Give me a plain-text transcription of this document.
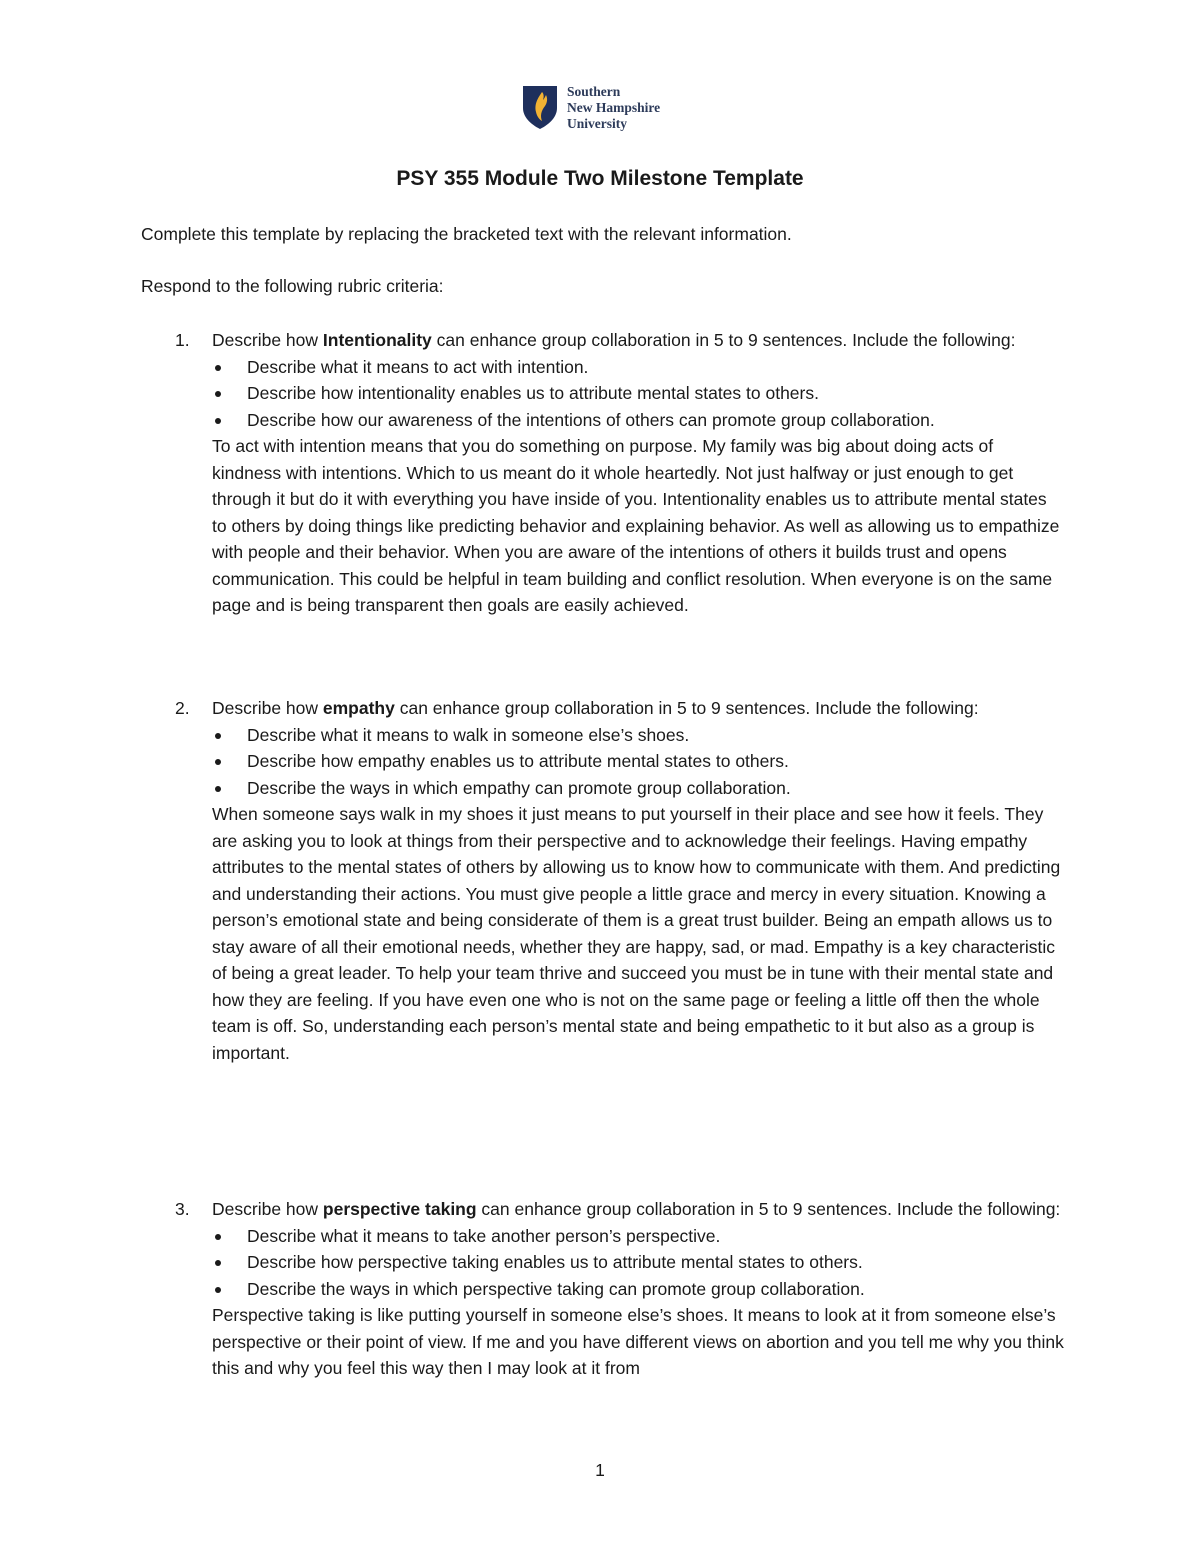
Southern
New Hampshire
University
PSY 355 Module Two Milestone Template

Complete this template by replacing the bracketed text with the relevant information.

Respond to the following rubric criteria:

1. Describe how Intentionality can enhance group collaboration in 5 to 9 sentences. Include the following:

Describe what it means to act with intention.
Describe how intentionality enables us to attribute mental states to others.
Describe how our awareness of the intentions of others can promote group collaboration.

To act with intention means that you do something on purpose. My family was big about doing acts of kindness with intentions. Which to us meant do it whole heartedly. Not just halfway or just enough to get through it but do it with everything you have inside of you. Intentionality enables us to attribute mental states to others by doing things like predicting behavior and explaining behavior. As well as allowing us to empathize with people and their behavior. When you are aware of the intentions of others it builds trust and opens communication. This could be helpful in team building and conflict resolution. When everyone is on the same page and is being transparent then goals are easily achieved.

2. Describe how empathy can enhance group collaboration in 5 to 9 sentences. Include the following:

Describe what it means to walk in someone else’s shoes.
Describe how empathy enables us to attribute mental states to others.
Describe the ways in which empathy can promote group collaboration.

When someone says walk in my shoes it just means to put yourself in their place and see how it feels. They are asking you to look at things from their perspective and to acknowledge their feelings. Having empathy attributes to the mental states of others by allowing us to know how to communicate with them. And predicting and understanding their actions. You must give people a little grace and mercy in every situation. Knowing a person’s emotional state and being considerate of them is a great trust builder. Being an empath allows us to stay aware of all their emotional needs, whether they are happy, sad, or mad. Empathy is a key characteristic of being a great leader. To help your team thrive and succeed you must be in tune with their mental state and how they are feeling. If you have even one who is not on the same page or feeling a little off then the whole team is off. So, understanding each person’s mental state and being empathetic to it but also as a group is important.

3. Describe how perspective taking can enhance group collaboration in 5 to 9 sentences. Include the following:

Describe what it means to take another person’s perspective.
Describe how perspective taking enables us to attribute mental states to others.
Describe the ways in which perspective taking can promote group collaboration.

Perspective taking is like putting yourself in someone else’s shoes. It means to look at it from someone else’s perspective or their point of view. If me and you have different views on abortion and you tell me why you think this and why you feel this way then I may look at it from

1
